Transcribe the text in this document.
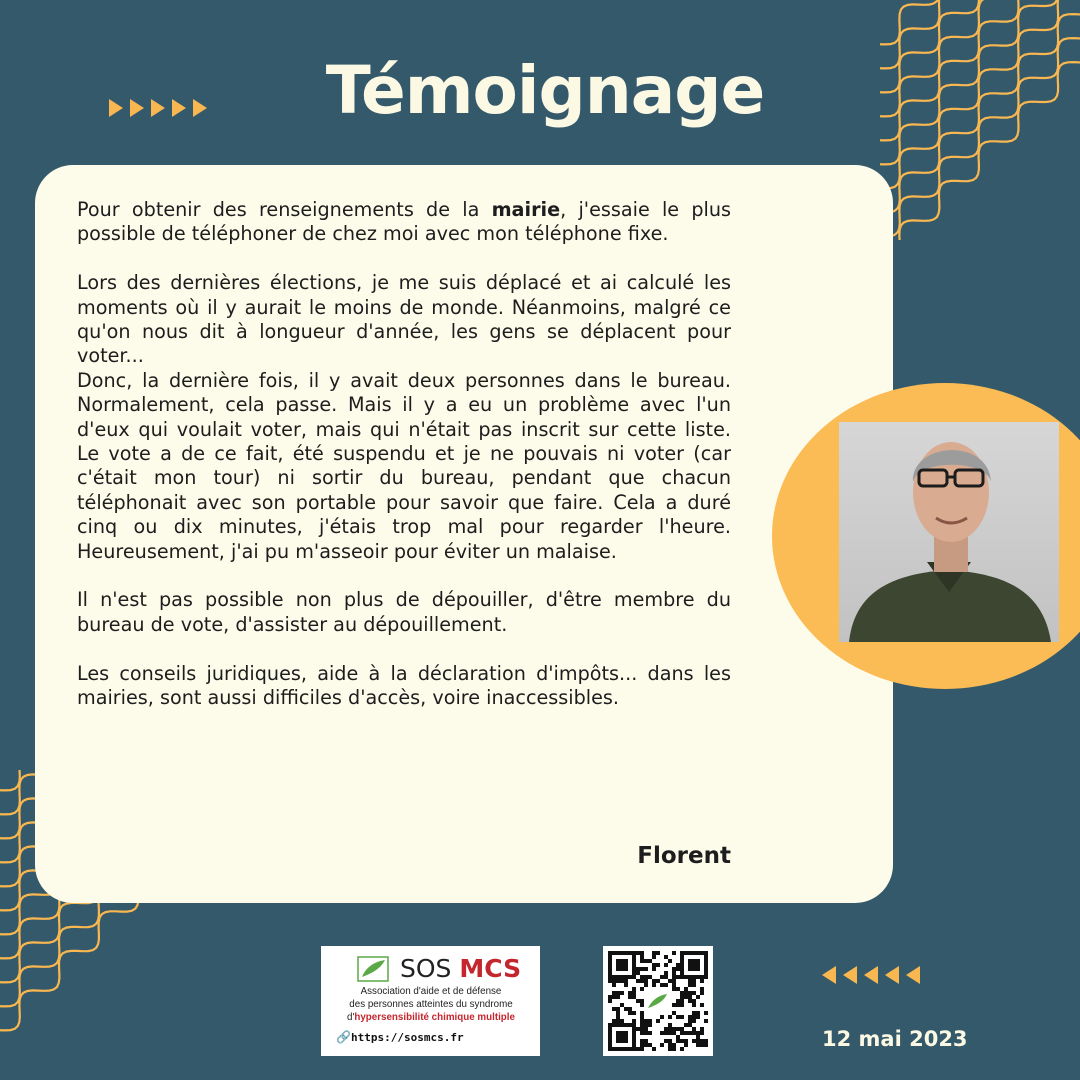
Témoignage

Pour obtenir des renseignements de la mairie, j'essaie le plus possible de téléphoner de chez moi avec mon téléphone fixe.

Lors des dernières élections, je me suis déplacé et ai calculé les moments où il y aurait le moins de monde. Néanmoins, malgré ce qu'on nous dit à longueur d'année, les gens se déplacent pour voter...

Donc, la dernière fois, il y avait deux personnes dans le bureau. Normalement, cela passe. Mais il y a eu un problème avec l'un d'eux qui voulait voter, mais qui n'était pas inscrit sur cette liste. Le vote a de ce fait, été suspendu et je ne pouvais ni voter (car c'était mon tour) ni sortir du bureau, pendant que chacun téléphonait avec son portable pour savoir que faire. Cela a duré cinq ou dix minutes, j'étais trop mal pour regarder l'heure. Heureusement, j'ai pu m'asseoir pour éviter un malaise.

Il n'est pas possible non plus de dépouiller, d'être membre du bureau de vote, d'assister au dépouillement.

Les conseils juridiques, aide à la déclaration d'impôts... dans les mairies, sont aussi difficiles d'accès, voire inaccessibles.

Florent
SOS MCS
Association d'aide et de défense
des personnes atteintes du syndrome
d'hypersensibilité chimique multiple
🔗 https://sosmcs.fr	12 mai 2023
